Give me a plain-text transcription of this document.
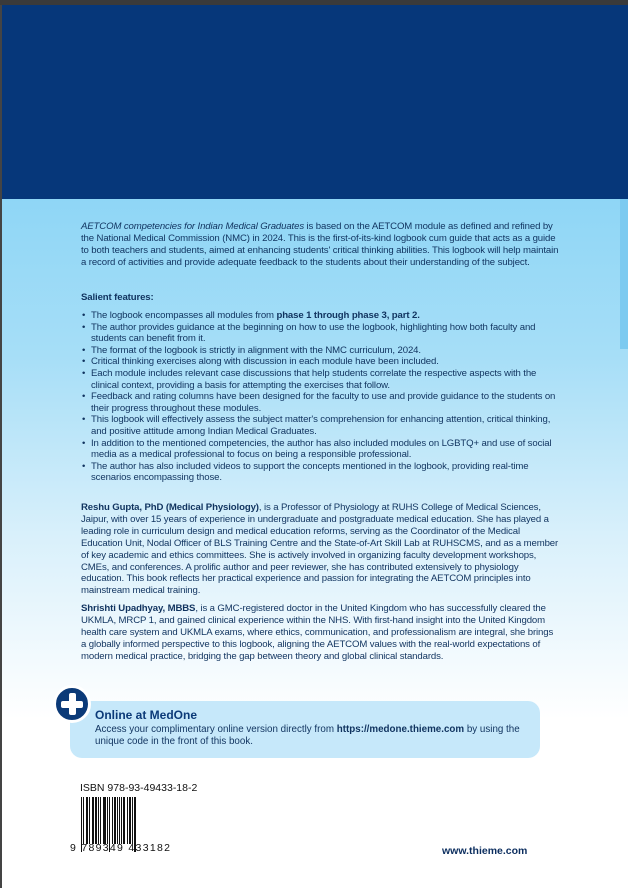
AETCOM competencies for Indian Medical Graduates is based on the AETCOM module as defined and refined by the National Medical Commission (NMC) in 2024. This is the first-of-its-kind logbook cum guide that acts as a guide to both teachers and students, aimed at enhancing students' critical thinking abilities. This logbook will help maintain a record of activities and provide adequate feedback to the students about their understanding of the subject.

Salient features:
• The logbook encompasses all modules from phase 1 through phase 3, part 2.
• The author provides guidance at the beginning on how to use the logbook, highlighting how both faculty and students can benefit from it.
• The format of the logbook is strictly in alignment with the NMC curriculum, 2024.
• Critical thinking exercises along with discussion in each module have been included.
• Each module includes relevant case discussions that help students correlate the respective aspects with the clinical context, providing a basis for attempting the exercises that follow.
• Feedback and rating columns have been designed for the faculty to use and provide guidance to the students on their progress throughout these modules.
• This logbook will effectively assess the subject matter's comprehension for enhancing attention, critical thinking, and positive attitude among Indian Medical Graduates.
• In addition to the mentioned competencies, the author has also included modules on LGBTQ+ and use of social media as a medical professional to focus on being a responsible professional.
• The author has also included videos to support the concepts mentioned in the logbook, providing real-time scenarios encompassing those.

Reshu Gupta, PhD (Medical Physiology), is a Professor of Physiology at RUHS College of Medical Sciences, Jaipur, with over 15 years of experience in undergraduate and postgraduate medical education. She has played a leading role in curriculum design and medical education reforms, serving as the Coordinator of the Medical Education Unit, Nodal Officer of BLS Training Centre and the State-of-Art Skill Lab at RUHSCMS, and as a member of key academic and ethics committees. She is actively involved in organizing faculty development workshops, CMEs, and conferences. A prolific author and peer reviewer, she has contributed extensively to physiology education. This book reflects her practical experience and passion for integrating the AETCOM principles into mainstream medical training.

Shrishti Upadhyay, MBBS, is a GMC-registered doctor in the United Kingdom who has successfully cleared the UKMLA, MRCP 1, and gained clinical experience within the NHS. With first-hand insight into the United Kingdom health care system and UKMLA exams, where ethics, communication, and professionalism are integral, she brings a globally informed perspective to this logbook, aligning the AETCOM values with the real-world expectations of modern medical practice, bridging the gap between theory and global clinical standards.

Online at MedOne
Access your complimentary online version directly from https://medone.thieme.com by using the unique code in the front of this book.
ISBN 978-93-49433-18-2
9 789349 433182	www.thieme.com
